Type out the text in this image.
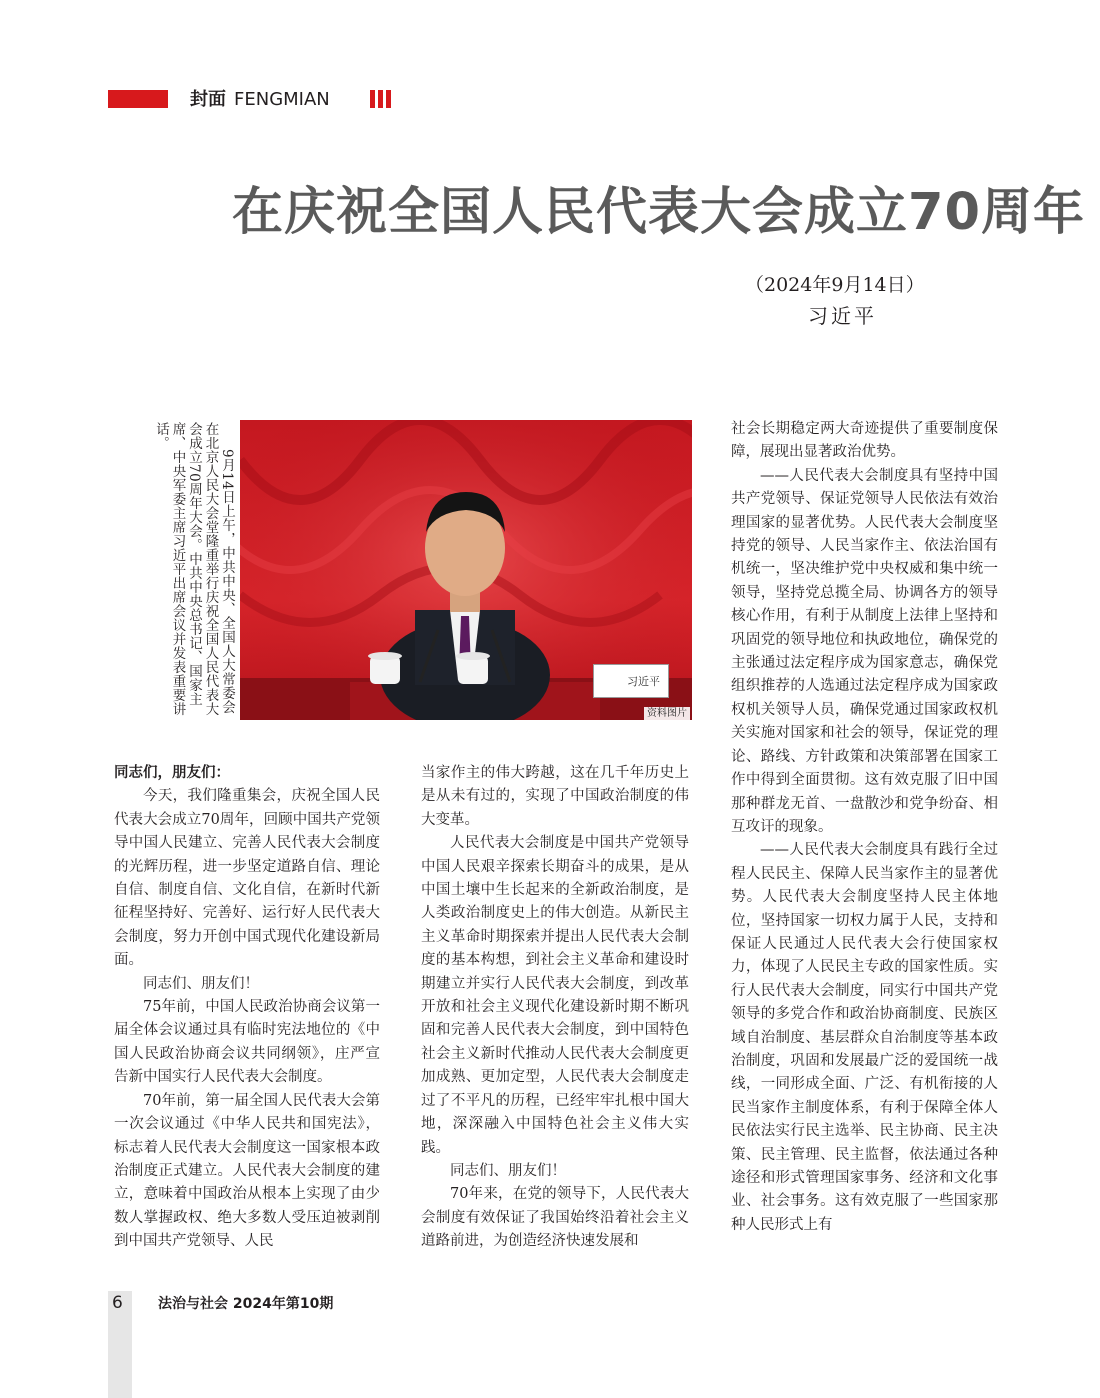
封面 FENGMIAN
在庆祝全国人民代表大会成立70周年
（2024年9月14日）
习近平
9月14日上午，中共中央、全国人大常委会在北京人民大会堂隆重举行庆祝全国人民代表大会成立70周年大会。中共中央总书记、国家主席、中央军委主席习近平出席会议并发表重要讲话。
习近平
资料图片

同志们，朋友们：

今天，我们隆重集会，庆祝全国人民代表大会成立70周年，回顾中国共产党领导中国人民建立、完善人民代表大会制度的光辉历程，进一步坚定道路自信、理论自信、制度自信、文化自信，在新时代新征程坚持好、完善好、运行好人民代表大会制度，努力开创中国式现代化建设新局面。

同志们、朋友们！

75年前，中国人民政治协商会议第一届全体会议通过具有临时宪法地位的《中国人民政治协商会议共同纲领》，庄严宣告新中国实行人民代表大会制度。

70年前，第一届全国人民代表大会第一次会议通过《中华人民共和国宪法》，标志着人民代表大会制度这一国家根本政治制度正式建立。人民代表大会制度的建立，意味着中国政治从根本上实现了由少数人掌握政权、绝大多数人受压迫被剥削到中国共产党领导、人民

当家作主的伟大跨越，这在几千年历史上是从未有过的，实现了中国政治制度的伟大变革。

人民代表大会制度是中国共产党领导中国人民艰辛探索长期奋斗的成果，是从中国土壤中生长起来的全新政治制度，是人类政治制度史上的伟大创造。从新民主主义革命时期探索并提出人民代表大会制度的基本构想，到社会主义革命和建设时期建立并实行人民代表大会制度，到改革开放和社会主义现代化建设新时期不断巩固和完善人民代表大会制度，到中国特色社会主义新时代推动人民代表大会制度更加成熟、更加定型，人民代表大会制度走过了不平凡的历程，已经牢牢扎根中国大地，深深融入中国特色社会主义伟大实践。

同志们、朋友们！

70年来，在党的领导下，人民代表大会制度有效保证了我国始终沿着社会主义道路前进，为创造经济快速发展和

社会长期稳定两大奇迹提供了重要制度保障，展现出显著政治优势。

——人民代表大会制度具有坚持中国共产党领导、保证党领导人民依法有效治理国家的显著优势。人民代表大会制度坚持党的领导、人民当家作主、依法治国有机统一，坚决维护党中央权威和集中统一领导，坚持党总揽全局、协调各方的领导核心作用，有利于从制度上法律上坚持和巩固党的领导地位和执政地位，确保党的主张通过法定程序成为国家意志，确保党组织推荐的人选通过法定程序成为国家政权机关领导人员，确保党通过国家政权机关实施对国家和社会的领导，保证党的理论、路线、方针政策和决策部署在国家工作中得到全面贯彻。这有效克服了旧中国那种群龙无首、一盘散沙和党争纷奋、相互攻讦的现象。

——人民代表大会制度具有践行全过程人民民主、保障人民当家作主的显著优势。人民代表大会制度坚持人民主体地位，坚持国家一切权力属于人民，支持和保证人民通过人民代表大会行使国家权力，体现了人民民主专政的国家性质。实行人民代表大会制度，同实行中国共产党领导的多党合作和政治协商制度、民族区域自治制度、基层群众自治制度等基本政治制度，巩固和发展最广泛的爱国统一战线，一同形成全面、广泛、有机衔接的人民当家作主制度体系，有利于保障全体人民依法实行民主选举、民主协商、民主决策、民主管理、民主监督，依法通过各种途径和形式管理国家事务、经济和文化事业、社会事务。这有效克服了一些国家那种人民形式上有

6	法治与社会 2024年第10期
